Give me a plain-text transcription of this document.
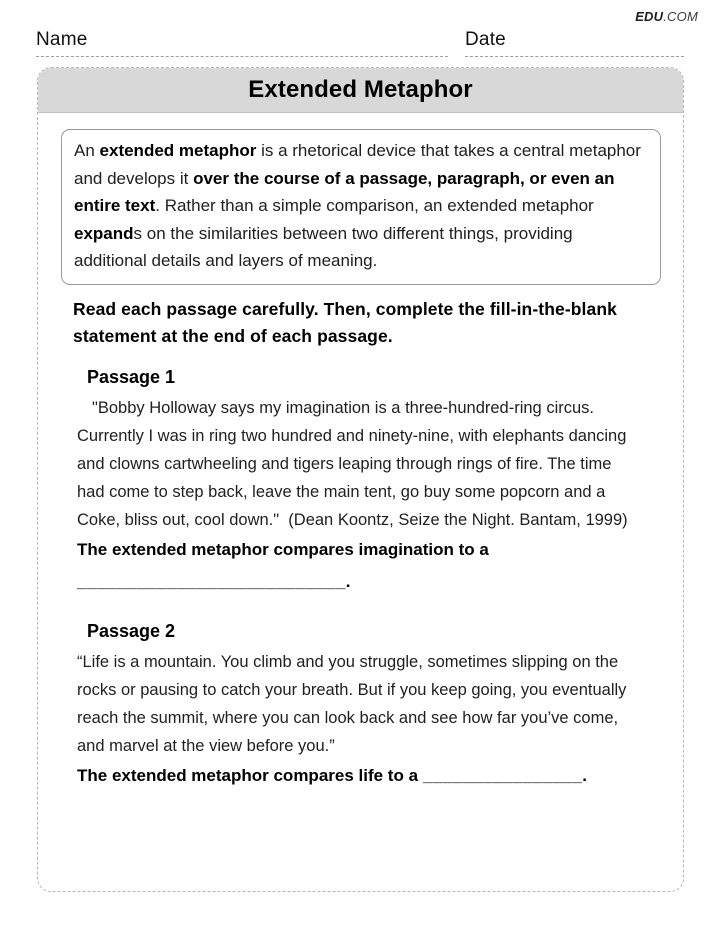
EDU.COM
Name	Date
Extended Metaphor
An extended metaphor is a rhetorical device that takes a central metaphor and develops it over the course of a passage, paragraph, or even an entire text. Rather than a simple comparison, an extended metaphor expands on the similarities between two different things, providing additional details and layers of meaning.
Read each passage carefully. Then, complete the fill-in-the-blank statement at the end of each passage.
Passage 1
"Bobby Holloway says my imagination is a three-hundred-ring circus. Currently I was in ring two hundred and ninety-nine, with elephants dancing and clowns cartwheeling and tigers leaping through rings of fire. The time had come to step back, leave the main tent, go buy some popcorn and a Coke, bliss out, cool down."  (Dean Koontz, Seize the Night. Bantam, 1999)
The extended metaphor compares imagination to a
___________________________.
Passage 2
“Life is a mountain. You climb and you struggle, sometimes slipping on the rocks or pausing to catch your breath. But if you keep going, you eventually reach the summit, where you can look back and see how far you’ve come, and marvel at the view before you.”
The extended metaphor compares life to a ________________.
